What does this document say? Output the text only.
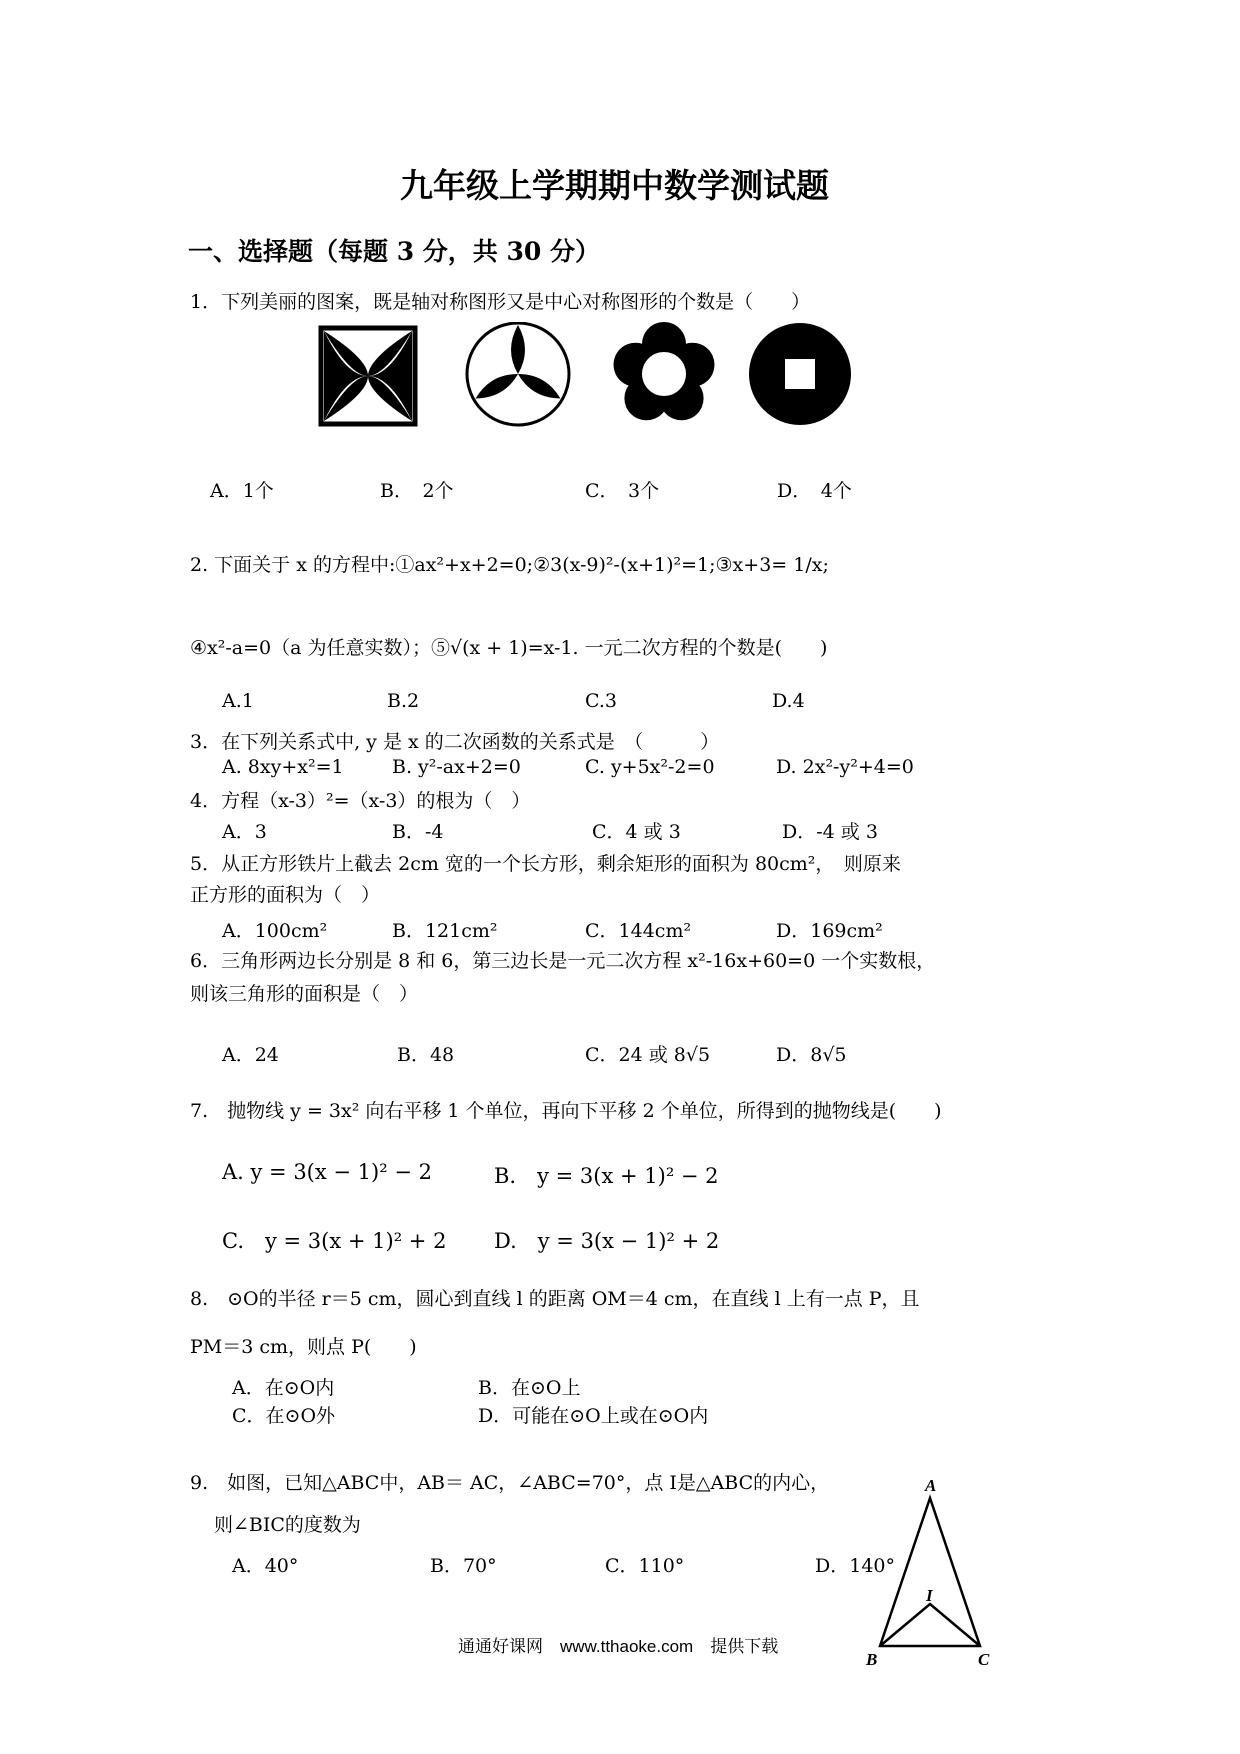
九年级上学期期中数学测试题
一、选择题（每题 3 分，共 30 分）
1．下列美丽的图案，既是轴对称图形又是中心对称图形的个数是（　　）
A．1个	B．　2个	C．　3个	D．　4个
2. 下面关于 x 的方程中:①ax²+x+2=0;②3(x-9)²-(x+1)²=1;③x+3= 1/x;
④x²-a=0（a 为任意实数）；⑤√(x + 1)=x-1. 一元二次方程的个数是(　　)
A.1	B.2	C.3	D.4
3．在下列关系式中, y 是 x 的二次函数的关系式是　（　　　）
A. 8xy+x²=1	B. y²-ax+2=0	C. y+5x²-2=0	D. 2x²-y²+4=0
4．方程（x-3）²=（x-3）的根为（　）
A．3	B．-4	C．4 或 3	D．-4 或 3
5．从正方形铁片上截去 2cm 宽的一个长方形，剩余矩形的面积为 80cm²，　则原来
正方形的面积为（　）
A．100cm²	B．121cm²	C．144cm²	D．169cm²
6．三角形两边长分别是 8 和 6，第三边长是一元二次方程 x²-16x+60=0 一个实数根，
则该三角形的面积是（　）
A．24	B．48	C．24 或 8√5	D．8√5
7.　抛物线 y = 3x² 向右平移 1 个单位，再向下平移 2 个单位，所得到的抛物线是(　　)
A. y = 3(x − 1)² − 2	B.　y = 3(x + 1)² − 2
C.　y = 3(x + 1)² + 2 D.　y = 3(x − 1)² + 2
8.　⊙O的半径 r＝5 cm，圆心到直线 l 的距离 OM＝4 cm，在直线 l 上有一点 P，且
PM＝3 cm，则点 P(　　)
A．在⊙O内	B．在⊙O上
C．在⊙O外	D．可能在⊙O上或在⊙O内
9.　如图，已知△ABC中，AB＝ AC，∠ABC=70°，点 I是△ABC的内心，
则∠BIC的度数为
A．40°	B．70°	C．110°	D．140°
A
I
B	C
通通好课网　www.tthaoke.com　提供下载
